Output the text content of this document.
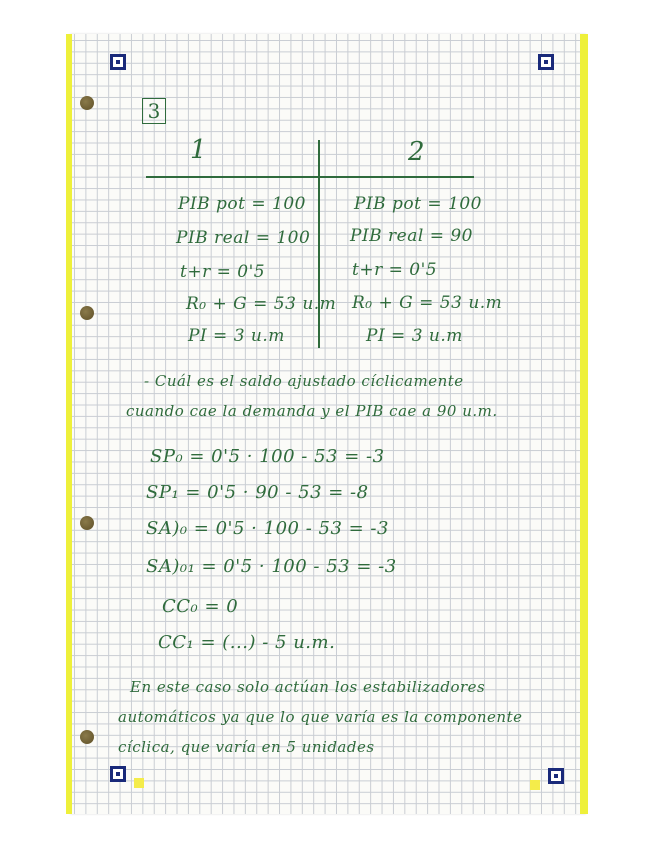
3
1	2
PIB pot = 100
PIB real = 100
t+r = 0'5
R₀ + G = 53 u.m
PI = 3 u.m
PIB pot = 100
PIB real = 90
t+r = 0'5
R₀ + G = 53 u.m
PI = 3 u.m
- Cuál es el saldo ajustado cíclicamente
cuando cae la demanda y el PIB cae a 90 u.m.
SP₀ = 0'5 · 100 - 53 = -3
SP₁ = 0'5 · 90 - 53 = -8
SA)₀ = 0'5 · 100 - 53 = -3
SA)₀₁ = 0'5 · 100 - 53 = -3
CC₀ = 0
CC₁ = (...) - 5 u.m.
En este caso solo actúan los estabilizadores
automáticos ya que lo que varía es la componente
cíclica, que varía en 5 unidades
